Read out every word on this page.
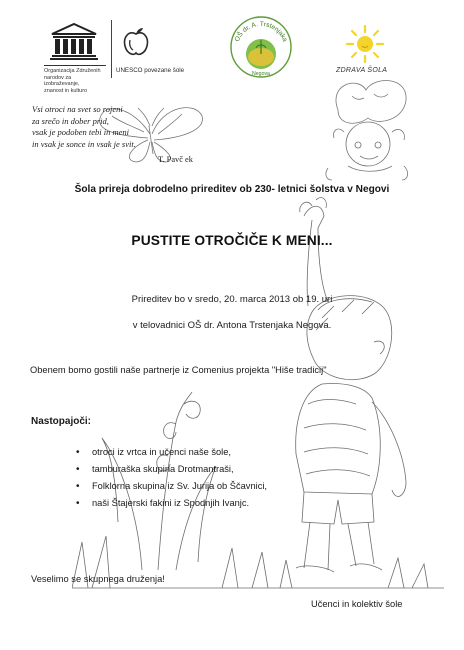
Organizacija Združenih
narodov za izobraževanje,
znanost in kulturo
UNESCO povezane šole
OŠ dr. A. Trstenjaka
Negova	ZDRAVA ŠOLA
Vsi otroci na svet so rojeni
za srečo in dober prid,
vsak je podoben tebi in meni
in vsak je sonce in vsak je svit.
T. Pavč ek
Šola prireja dobrodelno prireditev ob 230- letnici šolstva v Negovi
PUSTITE OTROČIČE K MENI...
Prireditev bo v sredo, 20. marca 2013 ob 19. uri
v telovadnici OŠ dr. Antona Trstenjaka Negova.
Obenem bomo gostili naše partnerje iz Comenius projekta "Hiše tradicij"
Nastopajoči:
• otroci iz vrtca in učenci naše šole,
• tamburaška skupina Drotmantraši,
• Folklorna skupina iz Sv. Jurija ob Ščavnici,
• naši Štajerski fakini iz Spodnjih Ivanjc.
Veselimo se skupnega druženja!
Učenci in kolektiv šole
